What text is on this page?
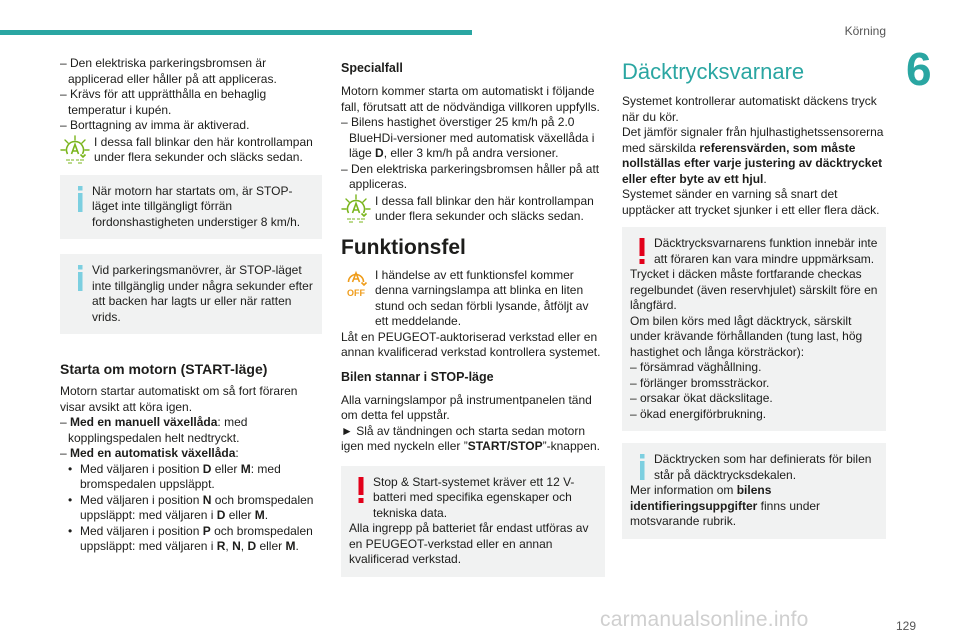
Körning
6
129
carmanualsonline.info

– Den elektriska parkeringsbromsen är applicerad eller håller på att appliceras.

– Krävs för att upprätthålla en behaglig temperatur i kupén.

– Borttagning av imma är aktiverad.

I dessa fall blinkar den här kontrollampan under flera sekunder och släcks sedan.

När motorn har startats om, är STOP-läget inte tillgängligt förrän fordonshastigheten understiger 8 km/h.

Vid parkeringsmanövrer, är STOP-läget inte tillgänglig under några sekunder efter att backen har lagts ur eller när ratten vrids.

Starta om motorn (START-läge)

Motorn startar automatiskt om så fort föraren visar avsikt att köra igen.

– Med en manuell växellåda: med kopplingspedalen helt nedtryckt.

– Med en automatisk växellåda:

• Med väljaren i position D eller M: med bromspedalen uppsläppt.

• Med väljaren i position N och bromspedalen uppsläppt: med väljaren i D eller M.

• Med väljaren i position P och bromspedalen uppsläppt: med väljaren i R, N, D eller M.

Specialfall

Motorn kommer starta om automatiskt i följande fall, förutsatt att de nödvändiga villkoren uppfylls.

– Bilens hastighet överstiger 25 km/h på 2.0 BlueHDi-versioner med automatisk växellåda i läge D, eller 3 km/h på andra versioner.

– Den elektriska parkeringsbromsen håller på att appliceras.

I dessa fall blinkar den här kontrollampan under flera sekunder och släcks sedan.
Funktionsfel
OFF
I händelse av ett funktionsfel kommer denna varningslampa att blinka en liten stund och sedan förbli lysande, åtföljt av ett meddelande.

Låt en PEUGEOT-auktoriserad verkstad eller en annan kvalificerad verkstad kontrollera systemet.

Bilen stannar i STOP-läge

Alla varningslampor på instrumentpanelen tänd om detta fel uppstår.

► Slå av tändningen och starta sedan motorn igen med nyckeln eller ”START/STOP”-knappen.

Stop & Start-systemet kräver ett 12 V-batteri med specifika egenskaper och tekniska data.

Alla ingrepp på batteriet får endast utföras av en PEUGEOT-verkstad eller en annan kvalificerad verkstad.

Däcktrycksvarnare

Systemet kontrollerar automatiskt däckens tryck när du kör.

Det jämför signaler från hjulhastighetssensorerna med särskilda referensvärden, som måste nollställas efter varje justering av däcktrycket eller efter byte av ett hjul.

Systemet sänder en varning så snart det upptäcker att trycket sjunker i ett eller flera däck.

Däcktrycksvarnarens funktion innebär inte att föraren kan vara mindre uppmärksam.

Trycket i däcken måste fortfarande checkas regelbundet (även reservhjulet) särskilt före en långfärd.

Om bilen körs med lågt däcktryck, särskilt under krävande förhållanden (tung last, hög hastighet och långa körsträckor):

– försämrad väghållning.

– förlänger bromssträckor.

– orsakar ökat däckslitage.

– ökad energiförbrukning.

Däcktrycken som har definierats för bilen står på däcktrycksdekalen.

Mer information om bilens identifieringsuppgifter finns under motsvarande rubrik.
